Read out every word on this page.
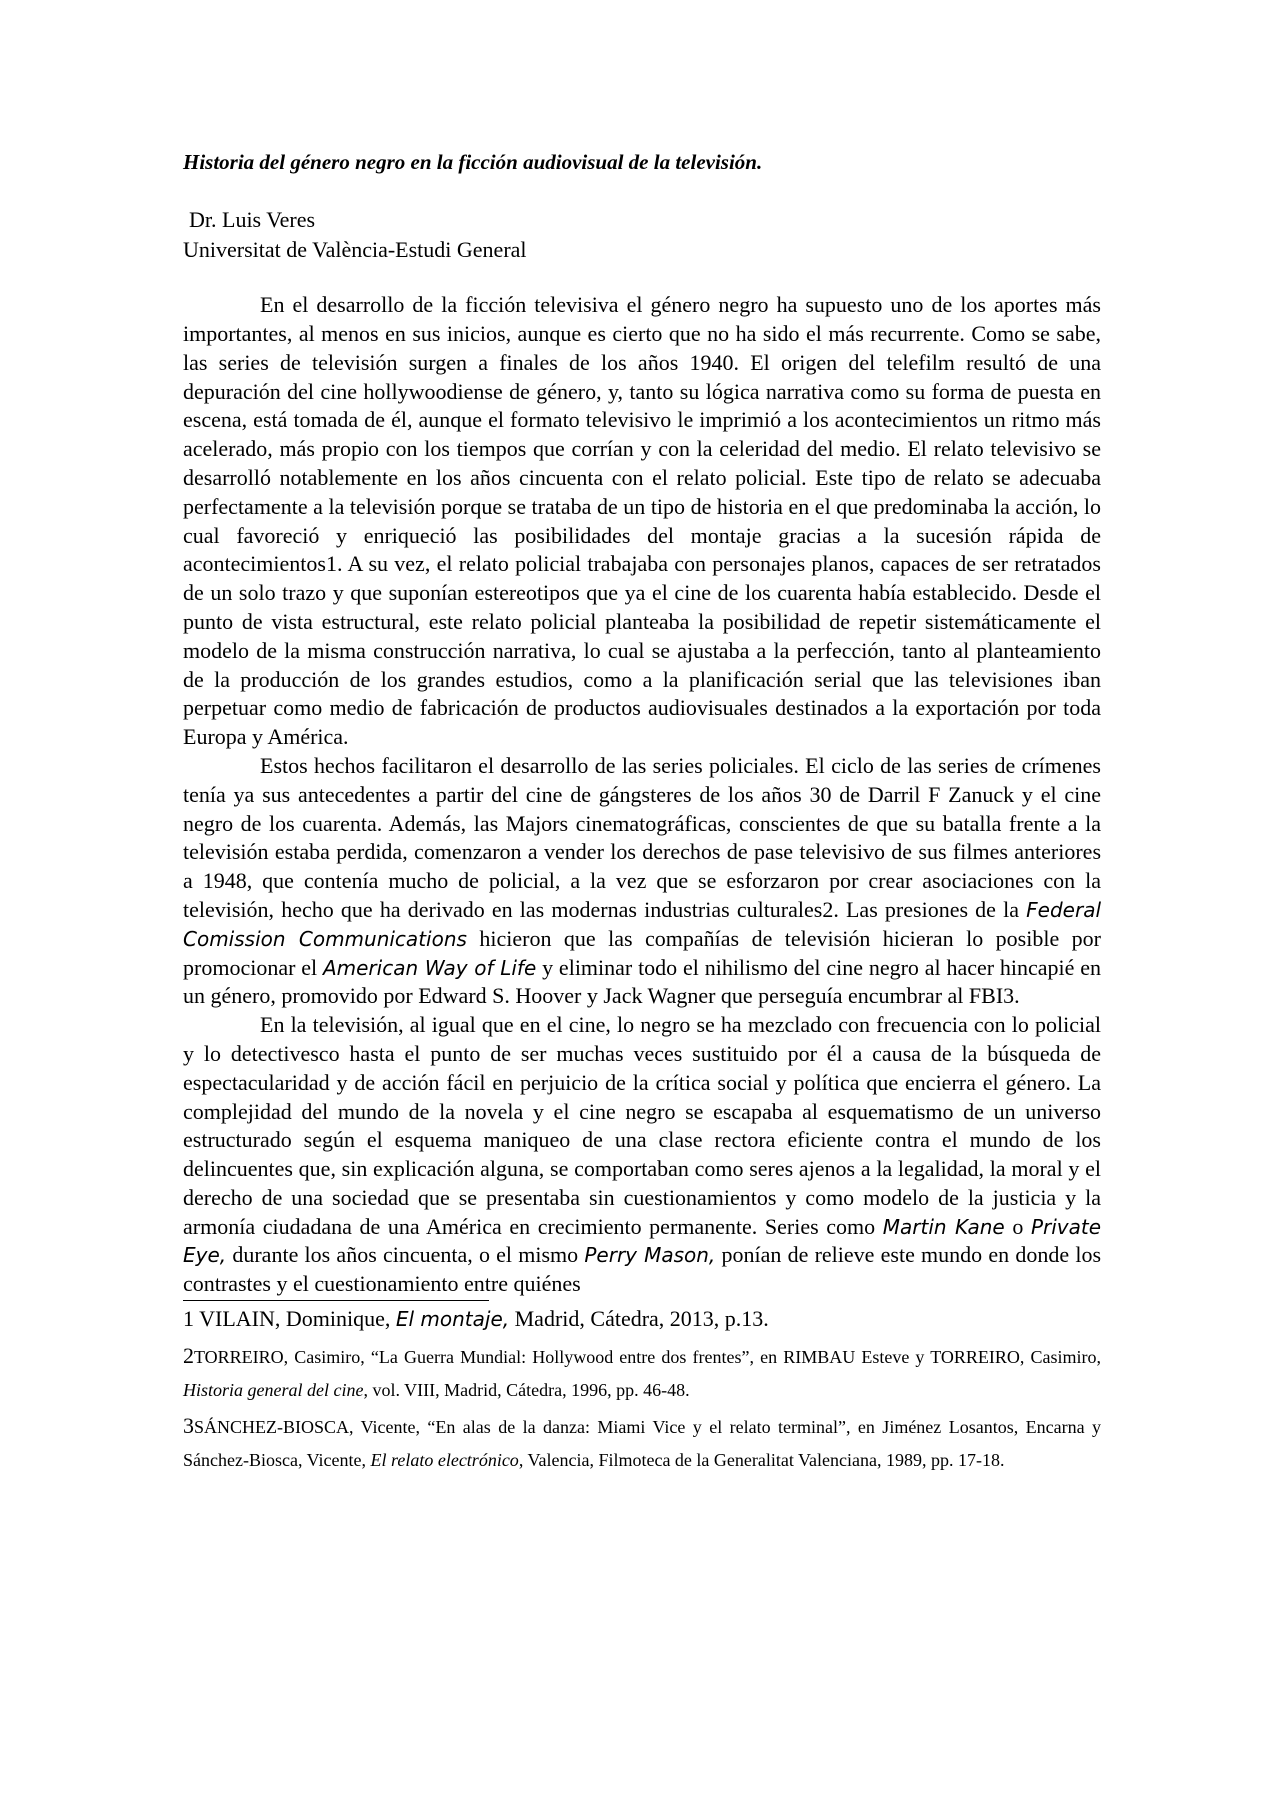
Historia del género negro en la ficción audiovisual de la televisión.
Dr. Luis Veres
Universitat de València-Estudi General

En el desarrollo de la ficción televisiva el género negro ha supuesto uno de los aportes más importantes, al menos en sus inicios, aunque es cierto que no ha sido el más recurrente. Como se sabe, las series de televisión surgen a finales de los años 1940. El origen del telefilm resultó de una depuración del cine hollywoodiense de género, y, tanto su lógica narrativa como su forma de puesta en escena, está tomada de él, aunque el formato televisivo le imprimió a los acontecimientos un ritmo más acelerado, más propio con los tiempos que corrían y con la celeridad del medio. El relato televisivo se desarrolló notablemente en los años cincuenta con el relato policial. Este tipo de relato se adecuaba perfectamente a la televisión porque se trataba de un tipo de historia en el que predominaba la acción, lo cual favoreció y enriqueció las posibilidades del montaje gracias a la sucesión rápida de acontecimientos1. A su vez, el relato policial trabajaba con personajes planos, capaces de ser retratados de un solo trazo y que suponían estereotipos que ya el cine de los cuarenta había establecido. Desde el punto de vista estructural, este relato policial planteaba la posibilidad de repetir sistemáticamente el modelo de la misma construcción narrativa, lo cual se ajustaba a la perfección, tanto al planteamiento de la producción de los grandes estudios, como a la planificación serial que las televisiones iban perpetuar como medio de fabricación de productos audiovisuales destinados a la exportación por toda Europa y América.

Estos hechos facilitaron el desarrollo de las series policiales. El ciclo de las series de crímenes tenía ya sus antecedentes a partir del cine de gángsteres de los años 30 de Darril F Zanuck y el cine negro de los cuarenta. Además, las Majors cinematográficas, conscientes de que su batalla frente a la televisión estaba perdida, comenzaron a vender los derechos de pase televisivo de sus filmes anteriores a 1948, que contenía mucho de policial, a la vez que se esforzaron por crear asociaciones con la televisión, hecho que ha derivado en las modernas industrias culturales2. Las presiones de la Federal Comission Communications hicieron que las compañías de televisión hicieran lo posible por promocionar el American Way of Life y eliminar todo el nihilismo del cine negro al hacer hincapié en un género, promovido por Edward S. Hoover y Jack Wagner que perseguía encumbrar al FBI3.

En la televisión, al igual que en el cine, lo negro se ha mezclado con frecuencia con lo policial y lo detectivesco hasta el punto de ser muchas veces sustituido por él a causa de la búsqueda de espectacularidad y de acción fácil en perjuicio de la crítica social y política que encierra el género. La complejidad del mundo de la novela y el cine negro se escapaba al esquematismo de un universo estructurado según el esquema maniqueo de una clase rectora eficiente contra el mundo de los delincuentes que, sin explicación alguna, se comportaban como seres ajenos a la legalidad, la moral y el derecho de una sociedad que se presentaba sin cuestionamientos y como modelo de la justicia y la armonía ciudadana de una América en crecimiento permanente. Series como Martin Kane o Private Eye, durante los años cincuenta, o el mismo Perry Mason, ponían de relieve este mundo en donde los contrastes y el cuestionamiento entre quiénes

1 VILAIN, Dominique, El montaje, Madrid, Cátedra, 2013, p.13.
2TORREIRO, Casimiro, “La Guerra Mundial: Hollywood entre dos frentes”, en RIMBAU Esteve y TORREIRO, Casimiro, Historia general del cine, vol. VIII, Madrid, Cátedra, 1996, pp. 46-48.
3SÁNCHEZ-BIOSCA, Vicente, “En alas de la danza: Miami Vice y el relato terminal”, en Jiménez Losantos, Encarna y Sánchez-Biosca, Vicente, El relato electrónico, Valencia, Filmoteca de la Generalitat Valenciana, 1989, pp. 17-18.
